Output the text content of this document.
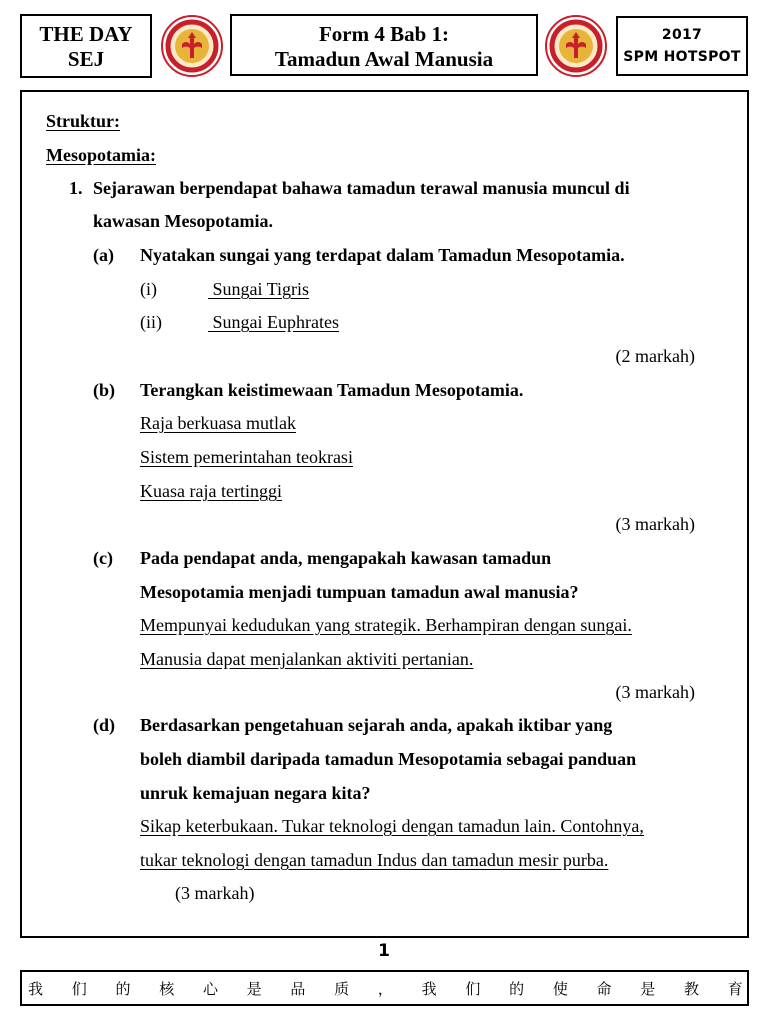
THE DAY
SEJ
Form 4 Bab 1:
Tamadun Awal Manusia
2017
SPM HOTSPOT
Struktur:
Mesopotamia:
1. Sejarawan berpendapat bahawa tamadun terawal manusia muncul di
kawasan Mesopotamia.
(a) Nyatakan sungai yang terdapat dalam Tamadun Mesopotamia.
(i)	Sungai Tigris
(ii)	Sungai Euphrates
(2 markah)
(b) Terangkan keistimewaan Tamadun Mesopotamia.
Raja berkuasa mutlak
Sistem pemerintahan teokrasi
Kuasa raja tertinggi
(3 markah)
(c) Pada pendapat anda, mengapakah kawasan tamadun
Mesopotamia menjadi tumpuan tamadun awal manusia?
Mempunyai kedudukan yang strategik. Berhampiran dengan sungai.
Manusia dapat menjalankan aktiviti pertanian.
(3 markah)
(d) Berdasarkan pengetahuan sejarah anda, apakah iktibar yang
boleh diambil daripada tamadun Mesopotamia sebagai panduan
unruk kemajuan negara kita?
Sikap keterbukaan. Tukar teknologi dengan tamadun lain. Contohnya,
tukar teknologi dengan tamadun Indus dan tamadun mesir purba.
(3 markah)
1
我 们 的 核 心 是 品 质 ， 我 们 的 使 命 是 教 育
